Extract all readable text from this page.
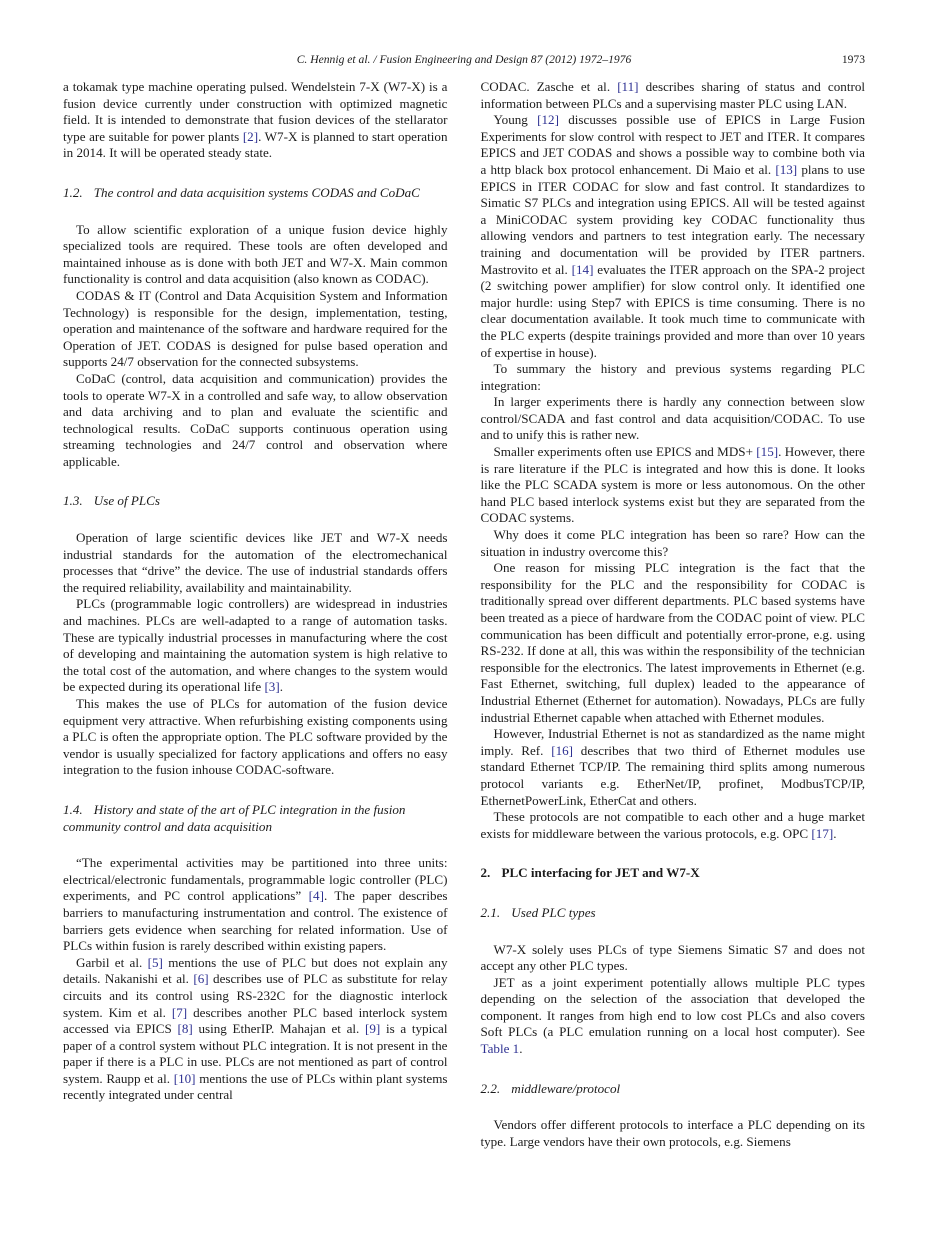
C. Hennig et al. / Fusion Engineering and Design 87 (2012) 1972–1976	1973

a tokamak type machine operating pulsed. Wendelstein 7-X (W7-X) is a fusion device currently under construction with optimized magnetic field. It is intended to demonstrate that fusion devices of the stellarator type are suitable for power plants [2]. W7-X is planned to start operation in 2014. It will be operated steady state.

1.2. The control and data acquisition systems CODAS and CoDaC

To allow scientific exploration of a unique fusion device highly specialized tools are required. These tools are often developed and maintained inhouse as is done with both JET and W7-X. Main common functionality is control and data acquisition (also known as CODAC).

CODAS & IT (Control and Data Acquisition System and Information Technology) is responsible for the design, implementation, testing, operation and maintenance of the software and hardware required for the Operation of JET. CODAS is designed for pulse based operation and supports 24/7 observation for the connected subsystems.

CoDaC (control, data acquisition and communication) provides the tools to operate W7-X in a controlled and safe way, to allow observation and data archiving and to plan and evaluate the scientific and technological results. CoDaC supports continuous operation using streaming technologies and 24/7 control and observation where applicable.

1.3. Use of PLCs

Operation of large scientific devices like JET and W7-X needs industrial standards for the automation of the electromechanical processes that “drive” the device. The use of industrial standards offers the required reliability, availability and maintainability.

PLCs (programmable logic controllers) are widespread in industries and machines. PLCs are well-adapted to a range of automation tasks. These are typically industrial processes in manufacturing where the cost of developing and maintaining the automation system is high relative to the total cost of the automation, and where changes to the system would be expected during its operational life [3].

This makes the use of PLCs for automation of the fusion device equipment very attractive. When refurbishing existing components using a PLC is often the appropriate option. The PLC software provided by the vendor is usually specialized for factory applications and offers no easy integration to the fusion inhouse CODAC-software.

1.4. History and state of the art of PLC integration in the fusion community control and data acquisition

“The experimental activities may be partitioned into three units: electrical/electronic fundamentals, programmable logic controller (PLC) experiments, and PC control applications” [4]. The paper describes barriers to manufacturing instrumentation and control. The existence of barriers gets evidence when searching for related information. Use of PLCs within fusion is rarely described within existing papers.

Garbil et al. [5] mentions the use of PLC but does not explain any details. Nakanishi et al. [6] describes use of PLC as substitute for relay circuits and its control using RS-232C for the diagnostic interlock system. Kim et al. [7] describes another PLC based interlock system accessed via EPICS [8] using EtherIP. Mahajan et al. [9] is a typical paper of a control system without PLC integration. It is not present in the paper if there is a PLC in use. PLCs are not mentioned as part of control system. Raupp et al. [10] mentions the use of PLCs within plant systems recently integrated under central

CODAC. Zasche et al. [11] describes sharing of status and control information between PLCs and a supervising master PLC using LAN.

Young [12] discusses possible use of EPICS in Large Fusion Experiments for slow control with respect to JET and ITER. It compares EPICS and JET CODAS and shows a possible way to combine both via a http black box protocol enhancement. Di Maio et al. [13] plans to use EPICS in ITER CODAC for slow and fast control. It standardizes to Simatic S7 PLCs and integration using EPICS. All will be tested against a MiniCODAC system providing key CODAC functionality thus allowing vendors and partners to test integration early. The necessary training and documentation will be provided by ITER partners. Mastrovito et al. [14] evaluates the ITER approach on the SPA-2 project (2 switching power amplifier) for slow control only. It identified one major hurdle: using Step7 with EPICS is time consuming. There is no clear documentation available. It took much time to communicate with the PLC experts (despite trainings provided and more than over 10 years of expertise in house).

To summary the history and previous systems regarding PLC integration:

In larger experiments there is hardly any connection between slow control/SCADA and fast control and data acquisition/CODAC. To use and to unify this is rather new.

Smaller experiments often use EPICS and MDS+ [15]. However, there is rare literature if the PLC is integrated and how this is done. It looks like the PLC SCADA system is more or less autonomous. On the other hand PLC based interlock systems exist but they are separated from the CODAC systems.

Why does it come PLC integration has been so rare? How can the situation in industry overcome this?

One reason for missing PLC integration is the fact that the responsibility for the PLC and the responsibility for CODAC is traditionally spread over different departments. PLC based systems have been treated as a piece of hardware from the CODAC point of view. PLC communication has been difficult and potentially error-prone, e.g. using RS-232. If done at all, this was within the responsibility of the technician responsible for the electronics. The latest improvements in Ethernet (e.g. Fast Ethernet, switching, full duplex) leaded to the appearance of Industrial Ethernet (Ethernet for automation). Nowadays, PLCs are fully industrial Ethernet capable when attached with Ethernet modules.

However, Industrial Ethernet is not as standardized as the name might imply. Ref. [16] describes that two third of Ethernet modules use standard Ethernet TCP/IP. The remaining third splits among numerous protocol variants e.g. EtherNet/IP, profinet, ModbusTCP/IP, EthernetPowerLink, EtherCat and others.

These protocols are not compatible to each other and a huge market exists for middleware between the various protocols, e.g. OPC [17].

2. PLC interfacing for JET and W7-X
2.1. Used PLC types

W7-X solely uses PLCs of type Siemens Simatic S7 and does not accept any other PLC types.

JET as a joint experiment potentially allows multiple PLC types depending on the selection of the association that developed the component. It ranges from high end to low cost PLCs and also covers Soft PLCs (a PLC emulation running on a local host computer). See Table 1.

2.2. middleware/protocol

Vendors offer different protocols to interface a PLC depending on its type. Large vendors have their own protocols, e.g. Siemens
